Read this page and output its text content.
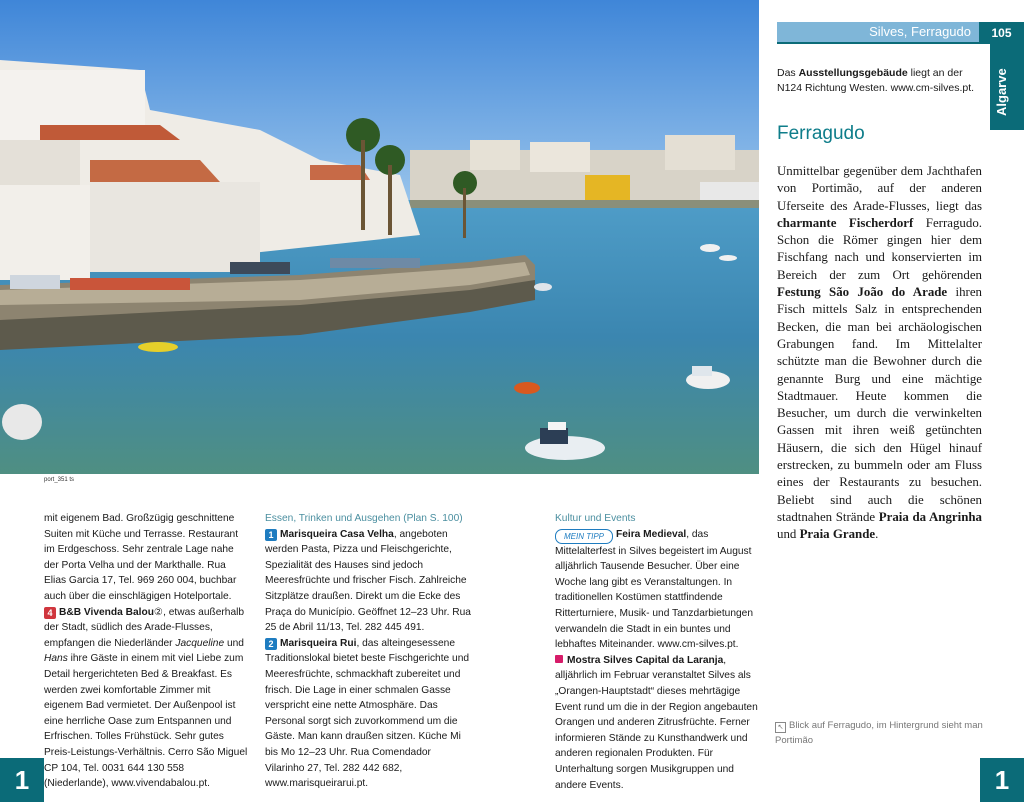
port_351 ts
Silves, Ferragudo	105
Algarve
Das Ausstellungsgebäude liegt an der N124 Richtung Westen. www.cm-silves.pt.
Ferragudo
Unmittelbar gegenüber dem Jachthafen von Portimão, auf der anderen Uferseite des Arade-Flusses, liegt das charmante Fischerdorf Ferragudo. Schon die Römer gingen hier dem Fischfang nach und konservierten im Bereich der zum Ort gehörenden Festung São João do Arade ihren Fisch mittels Salz in entsprechenden Becken, die man bei archäologischen Grabungen fand. Im Mittelalter schützte man die Bewohner durch die genannte Burg und eine mächtige Stadtmauer. Heute kommen die Besucher, um durch die verwinkelten Gassen mit ihren weiß getünchten Häusern, die sich den Hügel hinauf erstrecken, zu bummeln oder am Fluss eines der Restaurants zu besuchen. Beliebt sind auch die schönen stadtnahen Strände Praia da Angrinha und Praia Grande.
mit eigenem Bad. Großzügig geschnittene Suiten mit Küche und Terrasse. Restaurant im Erdgeschoss. Sehr zentrale Lage nahe der Porta Velha und der Markthalle. Rua Elias Garcia 17, Tel. 969 260 004, buchbar auch über die einschlägigen Hotelportale.
4 B&B Vivenda Balou②, etwas außerhalb der Stadt, südlich des Arade-Flusses, empfangen die Niederländer Jacqueline und Hans ihre Gäste in einem mit viel Liebe zum Detail hergerichteten Bed & Breakfast. Es werden zwei komfortable Zimmer mit eigenem Bad vermietet. Der Außenpool ist eine herrliche Oase zum Entspannen und Erfrischen. Tolles Frühstück. Sehr gutes Preis-Leistungs-Verhältnis. Cerro São Miguel CP 104, Tel. 0031 644 130 558 (Niederlande), www.vivendabalou.pt.
Essen, Trinken und Ausgehen (Plan S. 100)
1 Marisqueira Casa Velha, angeboten werden Pasta, Pizza und Fleischgerichte, Spezialität des Hauses sind jedoch Meeresfrüchte und frischer Fisch. Zahlreiche Sitzplätze draußen. Direkt um die Ecke des Praça do Município. Geöffnet 12–23 Uhr. Rua 25 de Abril 11/13, Tel. 282 445 491.
2 Marisqueira Rui, das alteingesessene Traditionslokal bietet beste Fischgerichte und Meeresfrüchte, schmackhaft zubereitet und frisch. Die Lage in einer schmalen Gasse verspricht eine nette Atmosphäre. Das Personal sorgt sich zuvorkommend um die Gäste. Man kann draußen sitzen. Küche Mi bis Mo 12–23 Uhr. Rua Comendador Vilarinho 27, Tel. 282 442 682, www.marisqueirarui.pt.
Kultur und Events
MEIN TIPP Feira Medieval, das Mittelalterfest in Silves begeistert im August alljährlich Tausende Besucher. Über eine Woche lang gibt es Veranstaltungen. In traditionellen Kostümen stattfindende Ritterturniere, Musik- und Tanzdarbietungen verwandeln die Stadt in ein buntes und lebhaftes Miteinander. www.cm-silves.pt.
Mostra Silves Capital da Laranja, alljährlich im Februar veranstaltet Silves als „Orangen-Hauptstadt“ dieses mehrtägige Event rund um die in der Region angebauten Orangen und anderen Zitrusfrüchte. Ferner informieren Stände zu Kunsthandwerk und anderen regionalen Produkten. Für Unterhaltung sorgen Musikgruppen und andere Events.
↖ Blick auf Ferragudo, im Hintergrund sieht man Portimão
1	1
